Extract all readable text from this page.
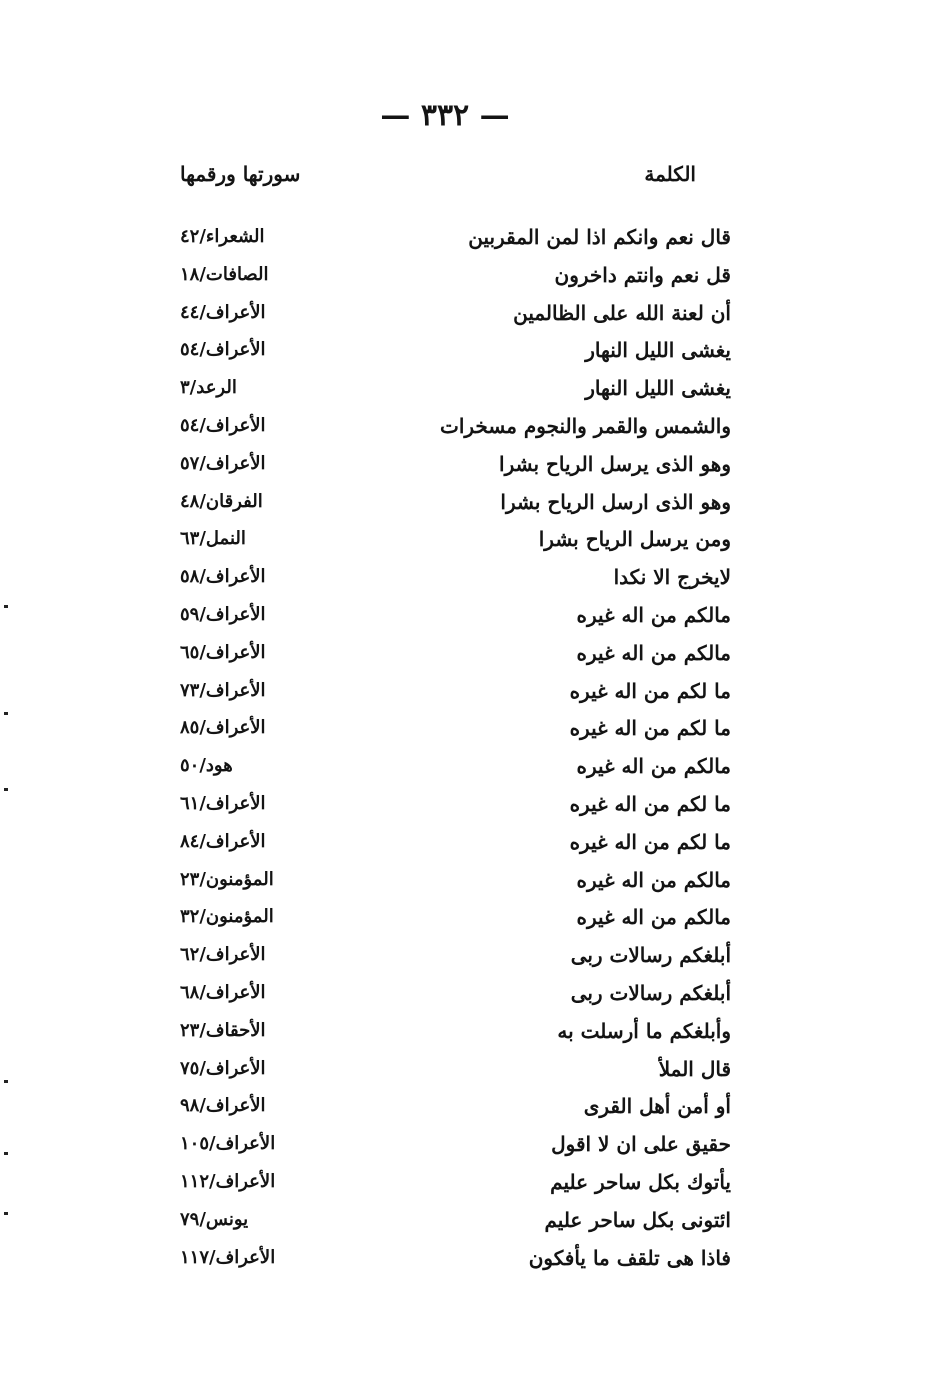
— ٣٣٢ —
الكلمة
سورتها ورقمها
قال نعم وانكم اذا لمن المقربين
الشعراء/٤٢
قل نعم وانتم داخرون
الصافات/١٨
أن لعنة الله على الظالمين
الأعراف/٤٤
يغشى الليل النهار
الأعراف/٥٤
يغشى الليل النهار
الرعد/٣
والشمس والقمر والنجوم مسخرات
الأعراف/٥٤
وهو الذى يرسل الرياح بشرا
الأعراف/٥٧
وهو الذى ارسل الرياح بشرا
الفرقان/٤٨
ومن يرسل الرياح بشرا
النمل/٦٣
لايخرج الا نكدا
الأعراف/٥٨
مالكم من اله غيره
الأعراف/٥٩
مالكم من اله غيره
الأعراف/٦٥
ما لكم من اله غيره
الأعراف/٧٣
ما لكم من اله غيره
الأعراف/٨٥
مالكم من اله غيره
هود/٥٠
ما لكم من اله غيره
الأعراف/٦١
ما لكم من اله غيره
الأعراف/٨٤
مالكم من اله غيره
المؤمنون/٢٣
مالكم من اله غيره
المؤمنون/٣٢
أبلغكم رسالات ربى
الأعراف/٦٢
أبلغكم رسالات ربى
الأعراف/٦٨
وأبلغكم ما أرسلت به
الأحقاف/٢٣
قال الملأ
الأعراف/٧٥
أو أمن أهل القرى
الأعراف/٩٨
حقيق على ان لا اقول
الأعراف/١٠٥
يأتوك بكل ساحر عليم
الأعراف/١١٢
ائتونى بكل ساحر عليم
يونس/٧٩
فاذا هى تلقف ما يأفكون
الأعراف/١١٧
